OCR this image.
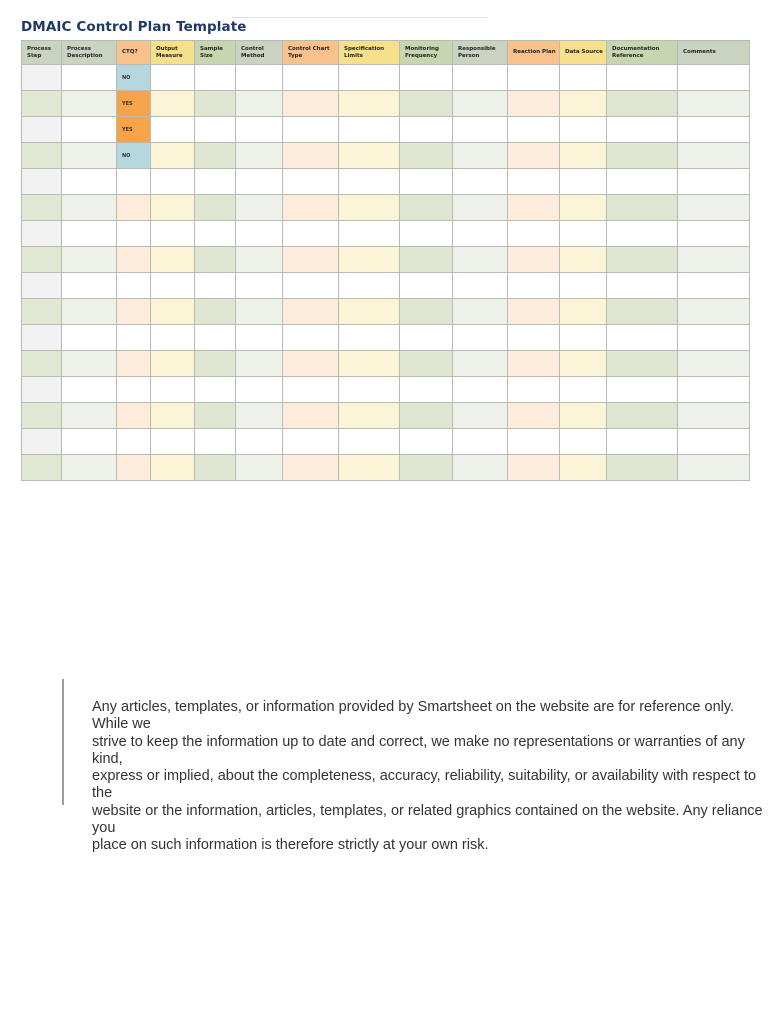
DMAIC Control Plan Template
Process Step	Process Description	CTQ?	Output Measure	Sample Size	Control Method	Control Chart Type	Specification Limits	Monitoring Frequency	Responsible Person	Reaction Plan	Data Source	Documentation Reference	Comments
		NO											
		YES											
		YES											
		NO											

Any articles, templates, or information provided by Smartsheet on the website are for reference only. While we
strive to keep the information up to date and correct, we make no representations or warranties of any kind,
express or implied, about the completeness, accuracy, reliability, suitability, or availability with respect to the
website or the information, articles, templates, or related graphics contained on the website. Any reliance you
place on such information is therefore strictly at your own risk.
